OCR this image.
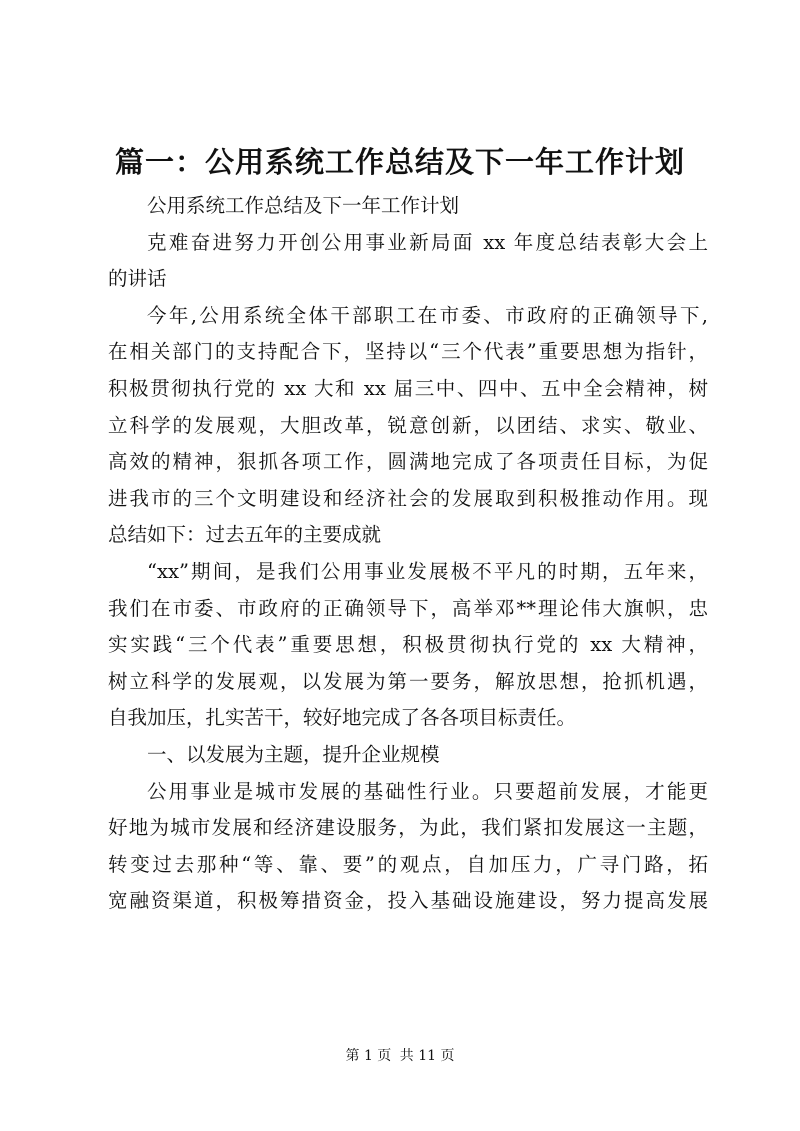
篇一：公用系统工作总结及下一年工作计划
公用系统工作总结及下一年工作计划
克难奋进努力开创公用事业新局面 xx 年度总结表彰大会上
的讲话
今年,公用系统全体干部职工在市委、市政府的正确领导下,
在相关部门的支持配合下，坚持以“三个代表”重要思想为指针，
积极贯彻执行党的 xx 大和 xx 届三中、四中、五中全会精神，树
立科学的发展观，大胆改革，锐意创新，以团结、求实、敬业、
高效的精神，狠抓各项工作，圆满地完成了各项责任目标，为促
进我市的三个文明建设和经济社会的发展取到积极推动作用。现
总结如下：过去五年的主要成就
“xx”期间，是我们公用事业发展极不平凡的时期，五年来，
我们在市委、市政府的正确领导下，高举邓**理论伟大旗帜，忠
实实践“三个代表”重要思想，积极贯彻执行党的 xx 大精神，
树立科学的发展观，以发展为第一要务，解放思想，抢抓机遇，
自我加压，扎实苦干，较好地完成了各各项目标责任。
一、以发展为主题，提升企业规模
公用事业是城市发展的基础性行业。只要超前发展，才能更
好地为城市发展和经济建设服务，为此，我们紧扣发展这一主题，
转变过去那种“等、靠、要”的观点，自加压力，广寻门路，拓
宽融资渠道，积极筹措资金，投入基础设施建设，努力提高发展
第 1 页 共 11 页
